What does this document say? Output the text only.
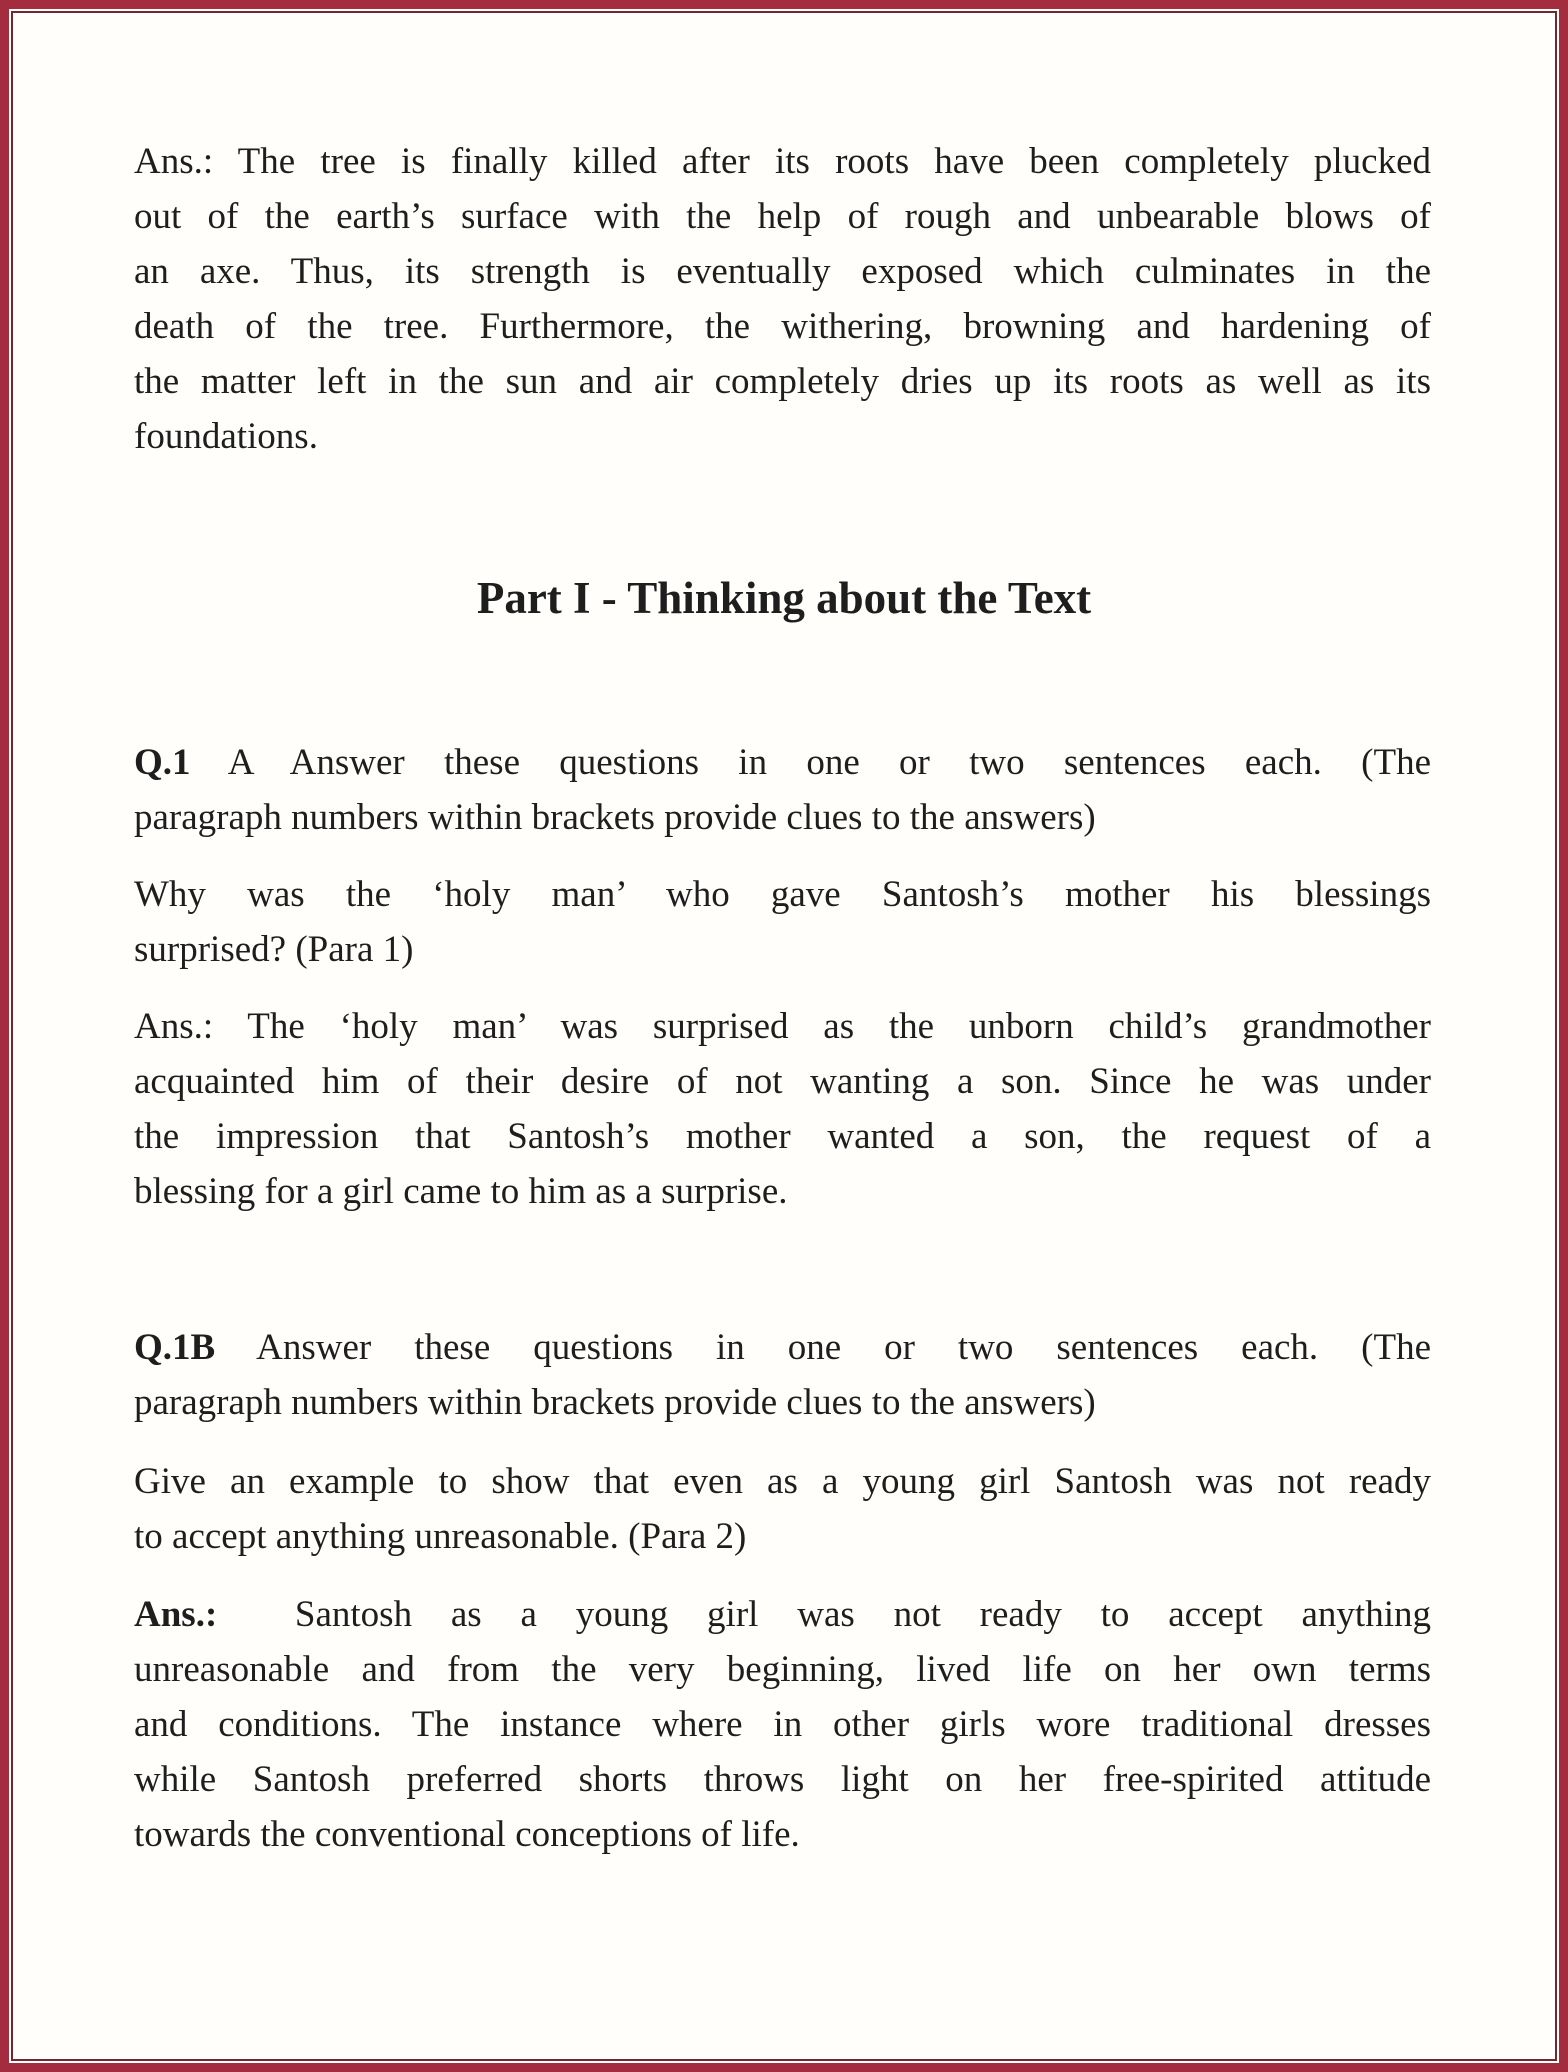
Part I - Thinking about the Text
Ans.: The tree is finally killed after its roots have been completely plucked
out of the earth’s surface with the help of rough and unbearable blows of
an axe. Thus, its strength is eventually exposed which culminates in the
death of the tree. Furthermore, the withering, browning and hardening of
the matter left in the sun and air completely dries up its roots as well as its
foundations.
Q.1 A Answer these questions in one or two sentences each. (The
paragraph numbers within brackets provide clues to the answers)
Why was the ‘holy man’ who gave Santosh’s mother his blessings
surprised? (Para 1)
Ans.: The ‘holy man’ was surprised as the unborn child’s grandmother
acquainted him of their desire of not wanting a son. Since he was under
the impression that Santosh’s mother wanted a son, the request of a
blessing for a girl came to him as a surprise.
Q.1B Answer these questions in one or two sentences each. (The
paragraph numbers within brackets provide clues to the answers)
Give an example to show that even as a young girl Santosh was not ready
to accept anything unreasonable. (Para 2)
Ans.:  Santosh as a young girl was not ready to accept anything
unreasonable and from the very beginning, lived life on her own terms
and conditions. The instance where in other girls wore traditional dresses
while Santosh preferred shorts throws light on her free-spirited attitude
towards the conventional conceptions of life.
